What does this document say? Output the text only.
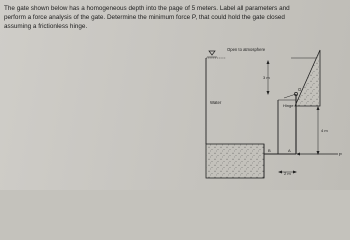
The gate shown below has a homogeneous depth into the page of 5 meters. Label all parameters and
perform a force analysis of the gate. Determine the minimum force P, that could hold the gate closed
assuming a frictionless hinge.
Open to atmosphere
Water
3 m
O
Hinge
4 m
B	A
P
2 m
